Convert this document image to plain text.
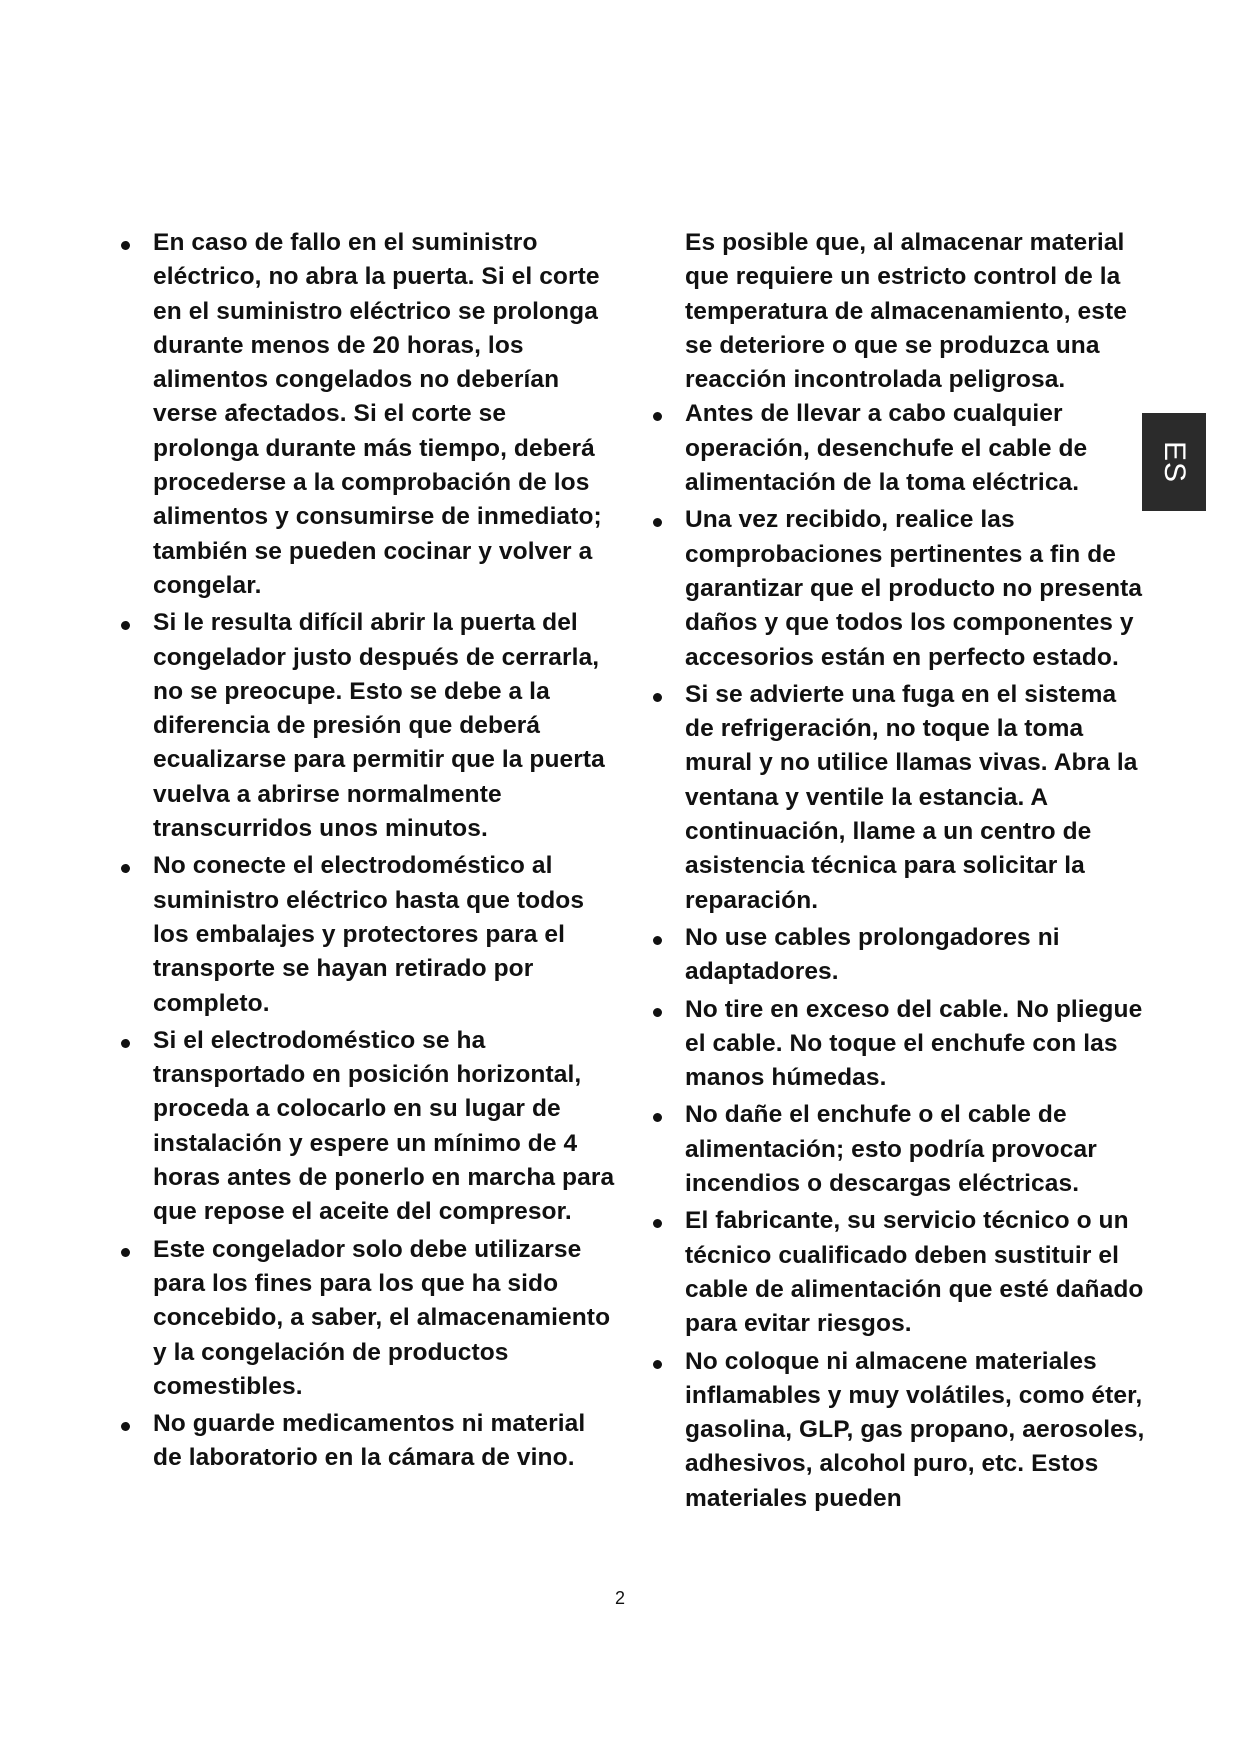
En caso de fallo en el suministro eléctrico, no abra la puerta. Si el corte en el suministro eléctrico se prolonga durante menos de 20 horas, los alimentos congelados no deberían verse afectados. Si el corte se prolonga durante más tiempo, deberá procederse a la comprobación de los alimentos y consumirse de inmediato; también se pueden cocinar y volver a congelar.
Si le resulta difícil abrir la puerta del congelador justo después de cerrarla, no se preocupe. Esto se debe a la diferencia de presión que deberá ecualizarse para permitir que la puerta vuelva a abrirse normalmente transcurridos unos minutos.
No conecte el electrodoméstico al suministro eléctrico hasta que todos los embalajes y protectores para el transporte se hayan retirado por completo.
Si el electrodoméstico se ha transportado en posición horizontal, proceda a colocarlo en su lugar de instalación y espere un mínimo de 4 horas antes de ponerlo en marcha para que repose el aceite del compresor.
Este congelador solo debe utilizarse para los fines para los que ha sido concebido, a saber, el almacenamiento y la congelación de productos comestibles.
No guarde medicamentos ni material de laboratorio en la cámara de vino.

Es posible que, al almacenar material que requiere un estricto control de la temperatura de almacenamiento, este se deteriore o que se produzca una reacción incontrolada peligrosa.

Antes de llevar a cabo cualquier operación, desenchufe el cable de alimentación de la toma eléctrica.
Una vez recibido, realice las comprobaciones pertinentes a fin de garantizar que el producto no presenta daños y que todos los componentes y accesorios están en perfecto estado.
Si se advierte una fuga en el sistema de refrigeración, no toque la toma mural y no utilice llamas vivas. Abra la ventana y ventile la estancia. A continuación, llame a un centro de asistencia técnica para solicitar la reparación.
No use cables prolongadores ni adaptadores.
No tire en exceso del cable. No pliegue el cable. No toque el enchufe con las manos húmedas.
No dañe el enchufe o el cable de alimentación; esto podría provocar incendios o descargas eléctricas.
El fabricante, su servicio técnico o un técnico cualificado deben sustituir el cable de alimentación que esté dañado para evitar riesgos.
No coloque ni almacene materiales inflamables y muy volátiles, como éter, gasolina, GLP, gas propano, aerosoles, adhesivos, alcohol puro, etc. Estos materiales pueden
ES
2
